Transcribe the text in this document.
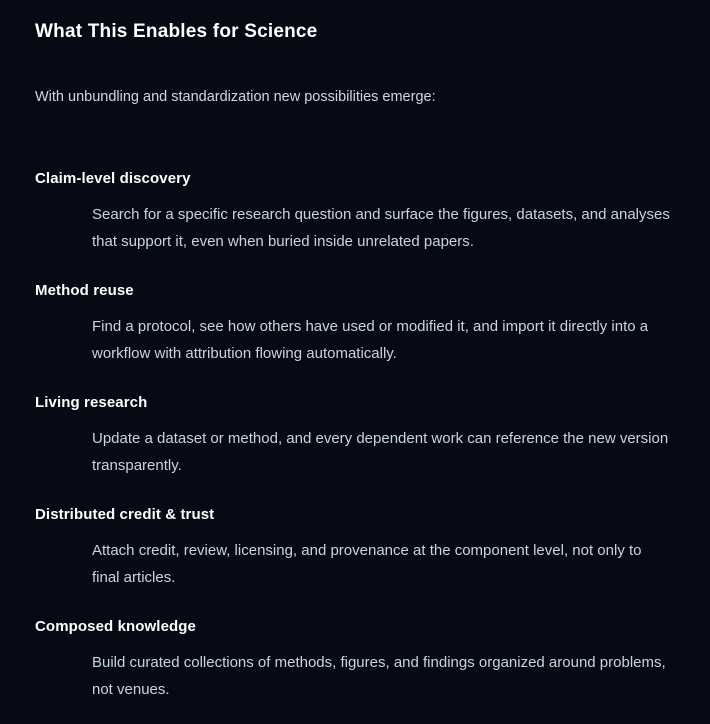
What This Enables for Science

With unbundling and standardization new possibilities emerge:

Claim-level discovery

Search for a specific research question and surface the figures, datasets, and analyses that support it, even when buried inside unrelated papers.

Method reuse

Find a protocol, see how others have used or modified it, and import it directly into a workflow with attribution flowing automatically.

Living research

Update a dataset or method, and every dependent work can reference the new version transparently.

Distributed credit & trust

Attach credit, review, licensing, and provenance at the component level, not only to final articles.

Composed knowledge

Build curated collections of methods, figures, and findings organized around problems, not venues.
